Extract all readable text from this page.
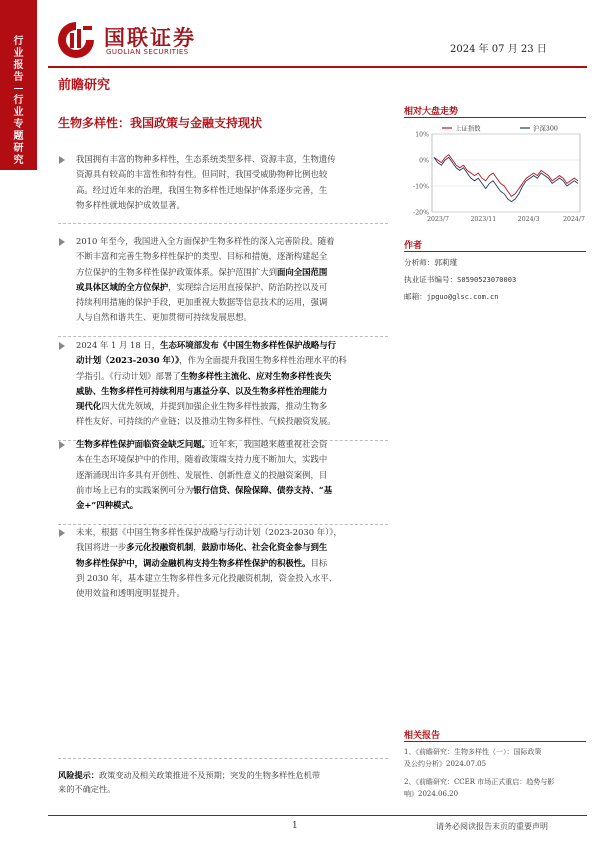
行
业
报
告
行
业
专
题
研
究
国联证券
GUOLIAN SECURITIES	2024 年 07 月 23 日
前瞻研究
生物多样性：我国政策与金融支持现状
我国拥有丰富的物种多样性，生态系统类型多样、资源丰富，生物遗传
资源具有较高的丰富性和特有性。但同时，我国受威胁物种比例也较
高。经过近年来的治理，我国生物多样性迁地保护体系逐步完善，生
物多样性就地保护成效显著。
2010 年至今，我国进入全方面保护生物多样性的深入完善阶段。随着
不断丰富和完善生物多样性保护的类型、目标和措施，逐渐构建起全
方位保护的生物多样性保护政策体系。保护范围扩大到面向全国范围
或具体区域的全方位保护，实现综合运用直接保护、防治防控以及可
持续利用措施的保护手段，更加重视大数据等信息技术的运用，强调
人与自然和谐共生、更加贯彻可持续发展思想。
2024 年 1 月 18 日，生态环境部发布《中国生物多样性保护战略与行
动计划（2023-2030 年）》，作为全面提升我国生物多样性治理水平的科
学指引。《行动计划》部署了生物多样性主流化、应对生物多样性丧失
威胁、生物多样性可持续利用与惠益分享、以及生物多样性治理能力
现代化四大优先领域，并提到加强企业生物多样性披露，推动生物多
样性友好、可持续的产业链；以及推动生物多样性、气候投融资发展。
生物多样性保护面临资金缺乏问题。近年来，我国越来越重视社会资
本在生态环境保护中的作用，随着政策端支持力度不断加大，实践中
逐渐涌现出许多具有开创性、发展性、创新性意义的投融资案例，目
前市场上已有的实践案例可分为银行信贷、保险保障、债券支持、“基
金+”四种模式。
未来，根据《中国生物多样性保护战略与行动计划（2023-2030 年）》，
我国将进一步多元化投融资机制，鼓励市场化、社会化资金参与到生
物多样性保护中，调动金融机构支持生物多样性保护的积极性。目标
到 2030 年，基本建立生物多样性多元化投融资机制，资金投入水平、
使用效益和透明度明显提升。
风险提示：政策变动及相关政策推进不及预期；突发的生物多样性危机带
来的不确定性。
相对大盘走势
10%
0%
-10%
-20%
2023/7	2023/11	2024/3	2024/7
上证指数	沪深300
作者
分析师：郭莉瑾
执业证书编号：S0590523070003
邮箱：jpguo@glsc.com.cn
相关报告
1、《前瞻研究：生物多样性（一）：国际政策
及公约分析》2024.07.05
2、《前瞻研究：CCER 市场正式重启：趋势与影
响》2024.06.20
1	请务必阅读报告末页的重要声明
